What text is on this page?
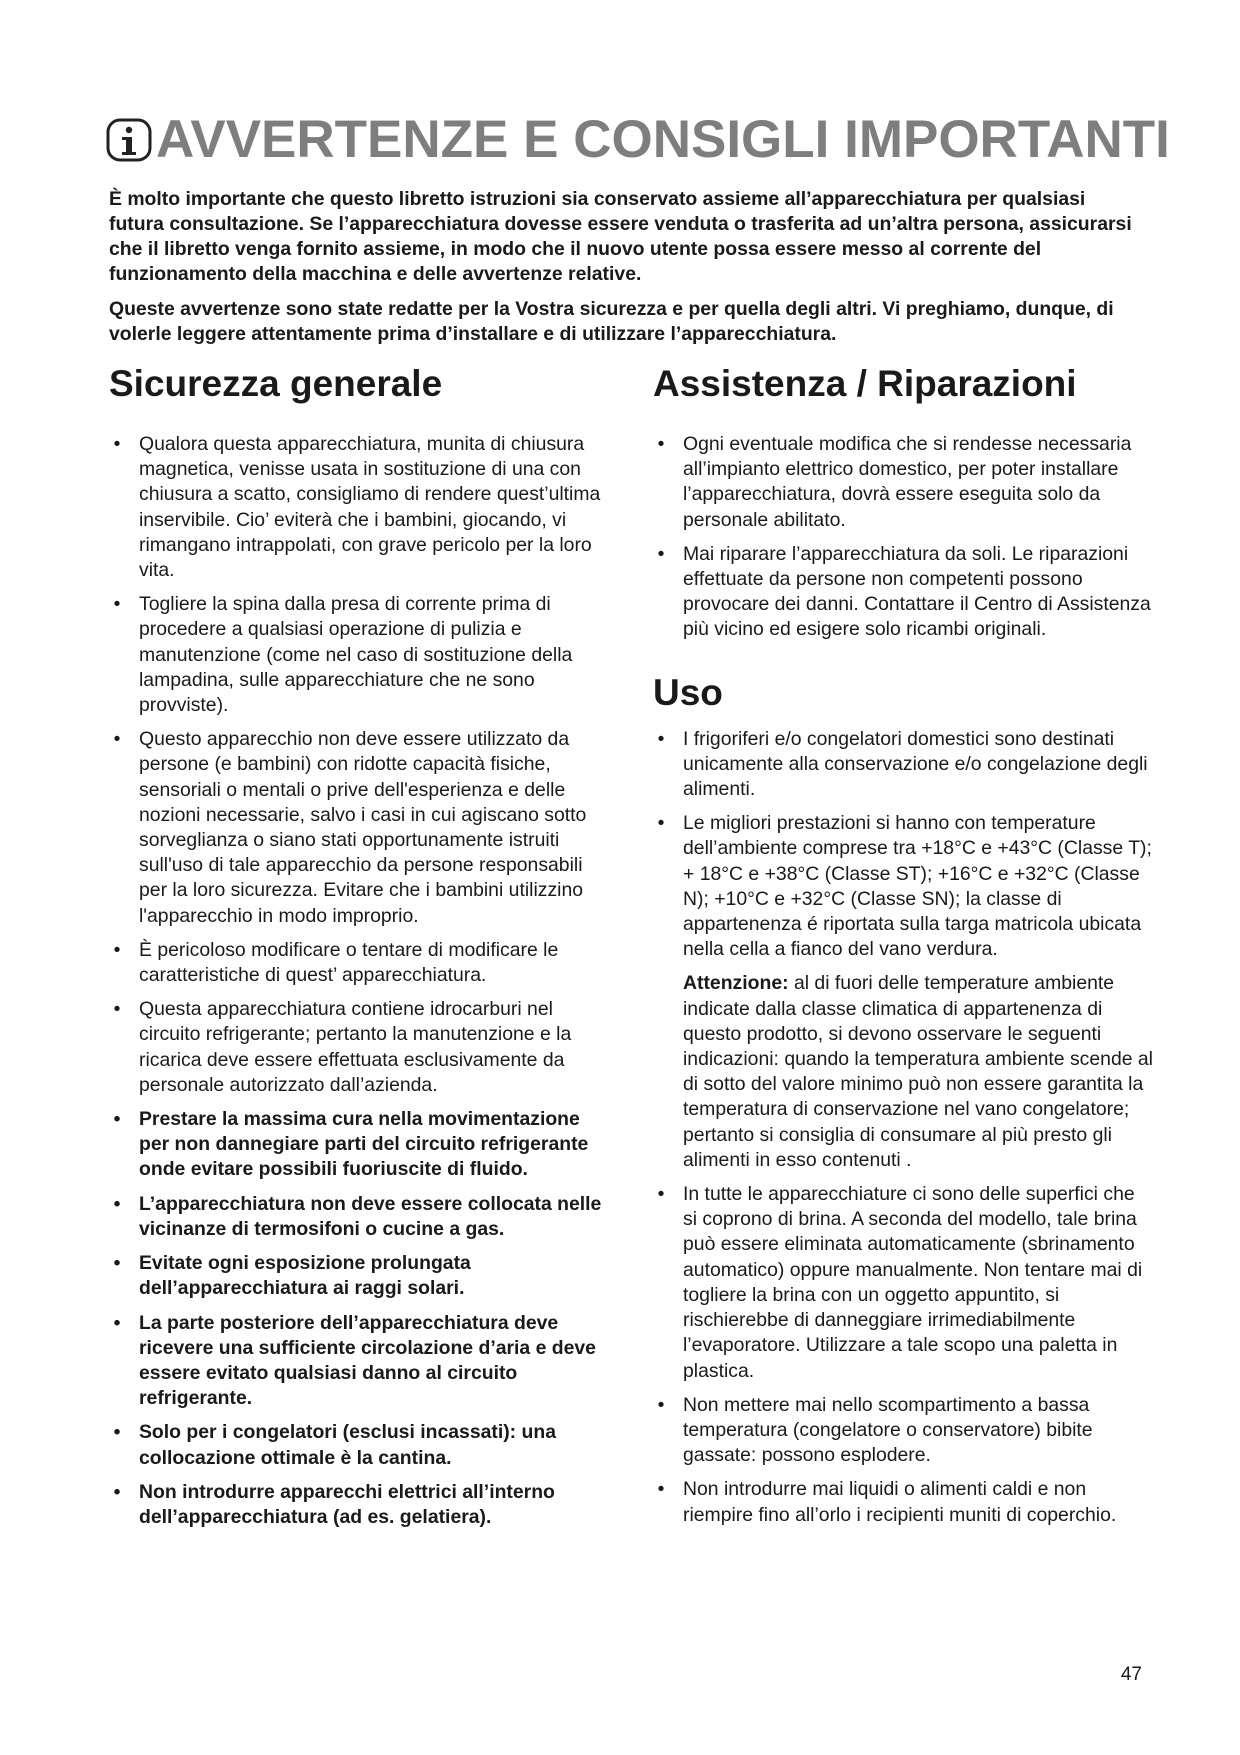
AVVERTENZE E CONSIGLI IMPORTANTI

È molto importante che questo libretto istruzioni sia conservato assieme all’apparecchiatura per qualsiasi futura consultazione. Se l’apparecchiatura dovesse essere venduta o trasferita ad un’altra persona, assicurarsi che il libretto venga fornito assieme, in modo che il nuovo utente possa essere messo al corrente del funzionamento della macchina e delle avvertenze relative.

Queste avvertenze sono state redatte per la Vostra sicurezza e per quella degli altri. Vi preghiamo, dunque, di volerle leggere attentamente prima d’installare e di utilizzare l’apparecchiatura.

Sicurezza generale
• Qualora questa apparecchiatura, munita di chiusura magnetica, venisse usata in sostituzione di una con chiusura a scatto, consigliamo di rendere quest’ultima inservibile. Cio’ eviterà che i bambini, giocando, vi rimangano intrappolati, con grave pericolo per la loro vita.
• Togliere la spina dalla presa di corrente prima di procedere a qualsiasi operazione di pulizia e manutenzione (come nel caso di sostituzione della lampadina, sulle apparecchiature che ne sono provviste).
• Questo apparecchio non deve essere utilizzato da persone (e bambini) con ridotte capacità fisiche, sensoriali o mentali o prive dell'esperienza e delle nozioni necessarie, salvo i casi in cui agiscano sotto sorveglianza o siano stati opportunamente istruiti sull'uso di tale apparecchio da persone responsabili per la loro sicurezza. Evitare che i bambini utilizzino l'apparecchio in modo improprio.
• È pericoloso modificare o tentare di modificare le caratteristiche di quest’ apparecchiatura.
• Questa apparecchiatura contiene idrocarburi nel circuito refrigerante; pertanto la manutenzione e la ricarica deve essere effettuata esclusivamente da personale autorizzato dall’azienda.
• Prestare la massima cura nella movimentazione per non dannegiare parti del circuito refrigerante onde evitare possibili fuoriuscite di fluido.
• L’apparecchiatura non deve essere collocata nelle vicinanze di termosifoni o cucine a gas.
• Evitate ogni esposizione prolungata dell’apparecchiatura ai raggi solari.
• La parte posteriore dell’apparecchiatura deve ricevere una sufficiente circolazione d’aria e deve essere evitato qualsiasi danno al circuito refrigerante.
• Solo per i congelatori (esclusi incassati): una collocazione ottimale è la cantina.
• Non introdurre apparecchi elettrici all’interno dell’apparecchiatura (ad es. gelatiera).
Assistenza / Riparazioni
• Ogni eventuale modifica che si rendesse necessaria all’impianto elettrico domestico, per poter installare l’apparecchiatura, dovrà essere eseguita solo da personale abilitato.
• Mai riparare l’apparecchiatura da soli. Le riparazioni effettuate da persone non competenti possono provocare dei danni. Contattare il Centro di Assistenza più vicino ed esigere solo ricambi originali.
Uso
• I frigoriferi e/o congelatori domestici sono destinati unicamente alla conservazione e/o congelazione degli alimenti.
• Le migliori prestazioni si hanno con temperature dell’ambiente comprese tra +18°C e +43°C (Classe T); + 18°C e +38°C (Classe ST); +16°C e +32°C (Classe N); +10°C e +32°C (Classe SN); la classe di appartenenza é riportata sulla targa matricola ubicata nella cella a fianco del vano verdura.

Attenzione: al di fuori delle temperature ambiente indicate dalla classe climatica di appartenenza di questo prodotto, si devono osservare le seguenti indicazioni: quando la temperatura ambiente scende al di sotto del valore minimo può non essere garantita la temperatura di conservazione nel vano congelatore; pertanto si consiglia di consumare al più presto gli alimenti in esso contenuti .

• In tutte le apparecchiature ci sono delle superfici che si coprono di brina. A seconda del modello, tale brina può essere eliminata automaticamente (sbrinamento automatico) oppure manualmente. Non tentare mai di togliere la brina con un oggetto appuntito, si rischierebbe di danneggiare irrimediabilmente l’evaporatore. Utilizzare a tale scopo una paletta in plastica.
• Non mettere mai nello scompartimento a bassa temperatura (congelatore o conservatore) bibite gassate: possono esplodere.
• Non introdurre mai liquidi o alimenti caldi e non riempire fino all’orlo i recipienti muniti di coperchio.
47
